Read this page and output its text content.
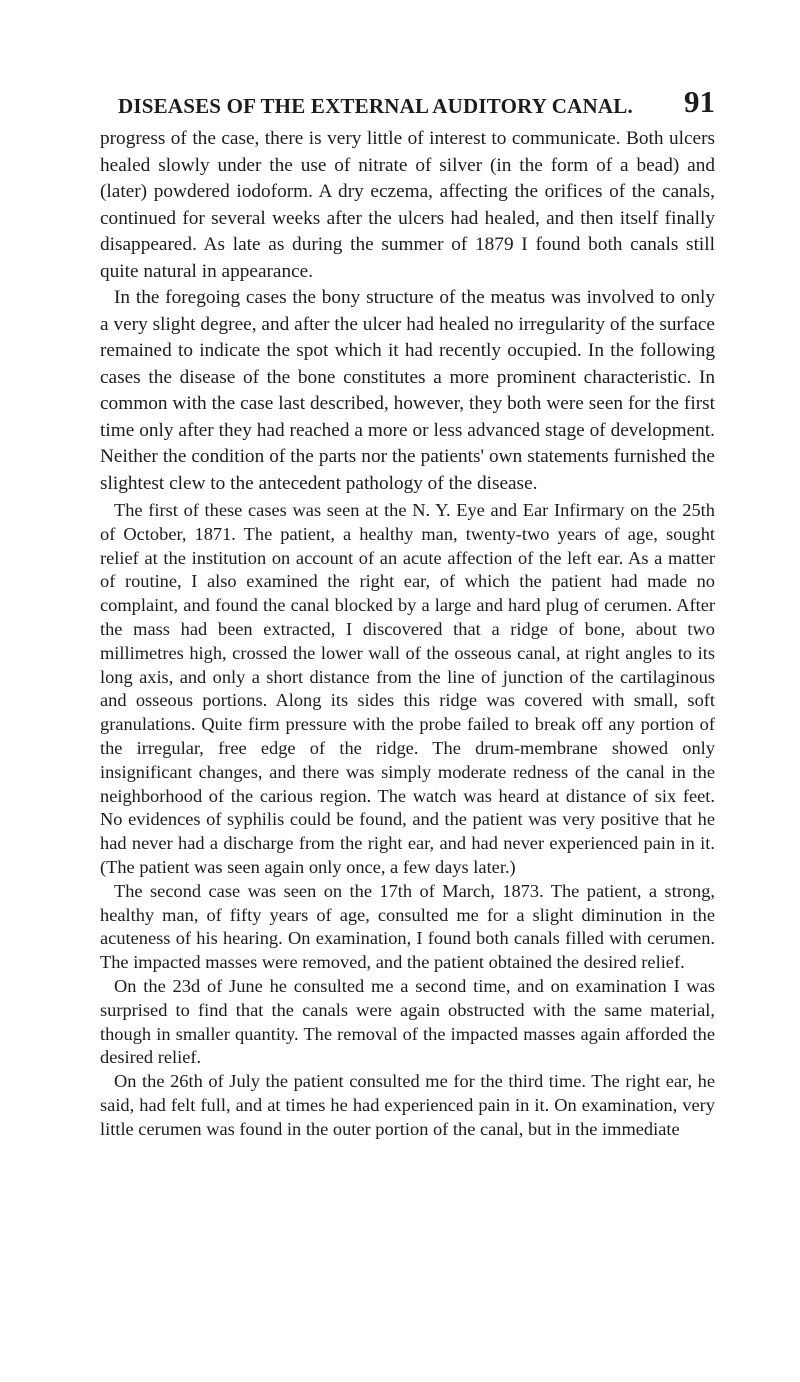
DISEASES OF THE EXTERNAL AUDITORY CANAL. 91

progress of the case, there is very little of interest to communicate. Both ulcers healed slowly under the use of nitrate of silver (in the form of a bead) and (later) powdered iodoform. A dry eczema, affecting the orifices of the canals, continued for several weeks after the ulcers had healed, and then itself finally disappeared. As late as during the summer of 1879 I found both canals still quite natural in appearance.

In the foregoing cases the bony structure of the meatus was involved to only a very slight degree, and after the ulcer had healed no irregularity of the surface remained to indicate the spot which it had recently occupied. In the following cases the disease of the bone constitutes a more prominent characteristic. In common with the case last described, however, they both were seen for the first time only after they had reached a more or less advanced stage of development. Neither the condition of the parts nor the patients' own statements furnished the slightest clew to the antecedent pathology of the disease.

The first of these cases was seen at the N. Y. Eye and Ear Infirmary on the 25th of October, 1871. The patient, a healthy man, twenty-two years of age, sought relief at the institution on account of an acute affection of the left ear. As a matter of routine, I also examined the right ear, of which the patient had made no complaint, and found the canal blocked by a large and hard plug of cerumen. After the mass had been extracted, I discovered that a ridge of bone, about two millimetres high, crossed the lower wall of the osseous canal, at right angles to its long axis, and only a short distance from the line of junction of the cartilaginous and osseous portions. Along its sides this ridge was covered with small, soft granulations. Quite firm pressure with the probe failed to break off any portion of the irregular, free edge of the ridge. The drum-membrane showed only insignificant changes, and there was simply moderate redness of the canal in the neighborhood of the carious region. The watch was heard at distance of six feet. No evidences of syphilis could be found, and the patient was very positive that he had never had a discharge from the right ear, and had never experienced pain in it. (The patient was seen again only once, a few days later.)

The second case was seen on the 17th of March, 1873. The patient, a strong, healthy man, of fifty years of age, consulted me for a slight diminution in the acuteness of his hearing. On examination, I found both canals filled with cerumen. The impacted masses were removed, and the patient obtained the desired relief.

On the 23d of June he consulted me a second time, and on examination I was surprised to find that the canals were again obstructed with the same material, though in smaller quantity. The removal of the impacted masses again afforded the desired relief.

On the 26th of July the patient consulted me for the third time. The right ear, he said, had felt full, and at times he had experienced pain in it. On examination, very little cerumen was found in the outer portion of the canal, but in the immediate
